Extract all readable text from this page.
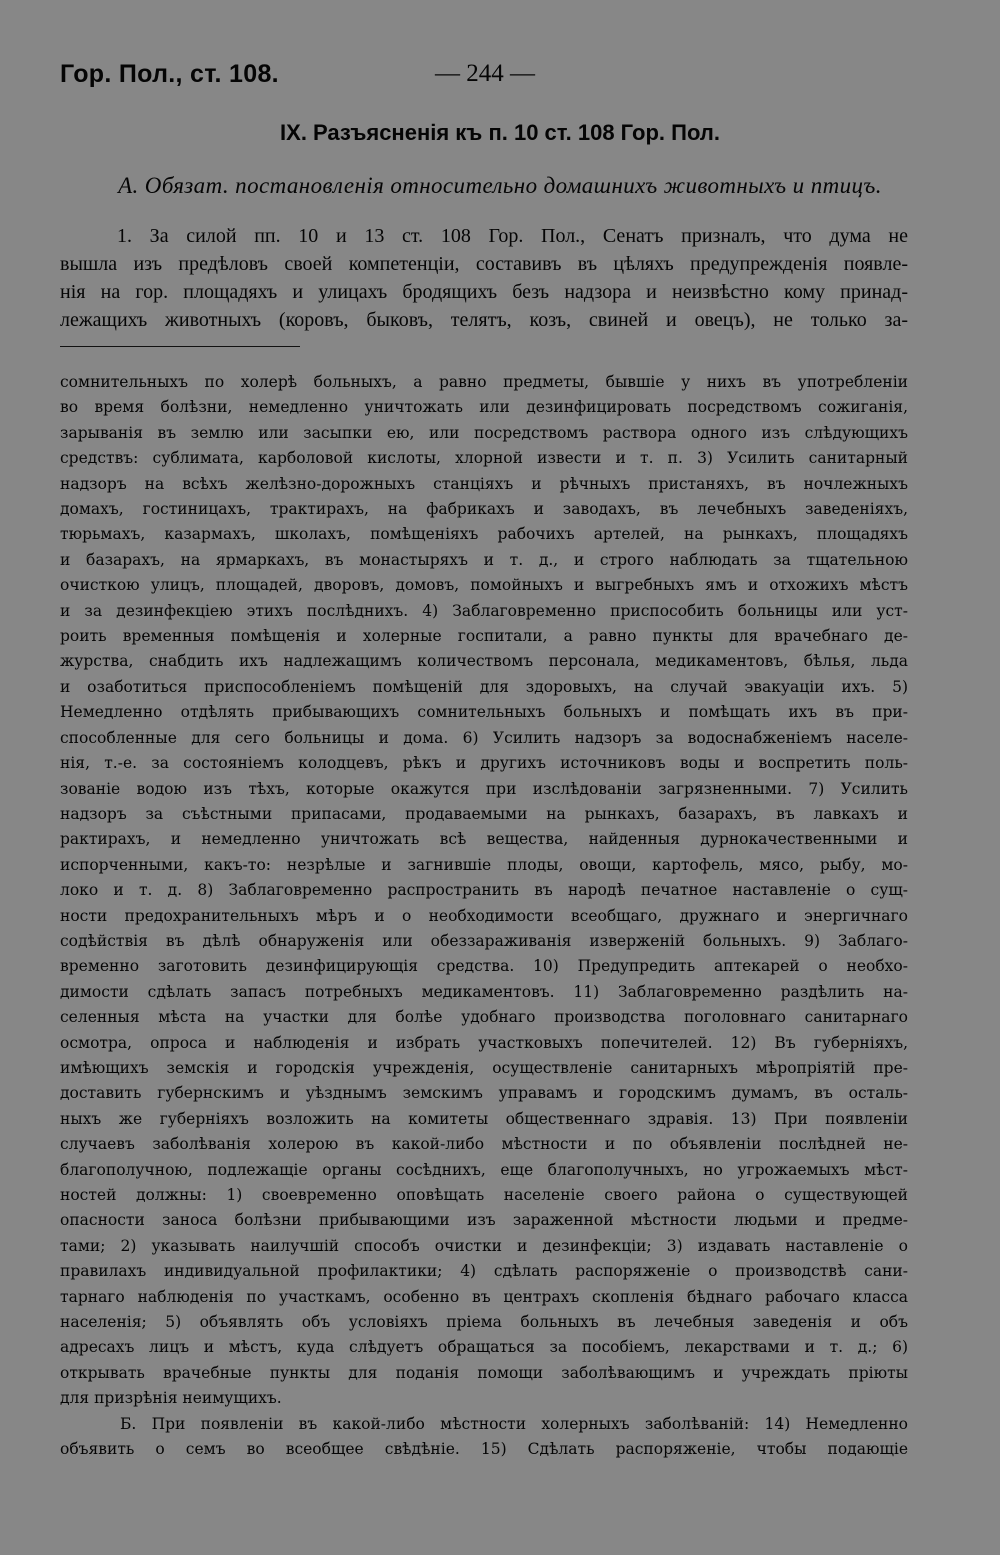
Гор. Пол., ст. 108.	— 244 —
IX. Разъясненія къ п. 10 ст. 108 Гор. Пол.
А. Обязат. постановленія относительно домашнихъ животныхъ и птицъ.
1. За силой пп. 10 и 13 ст. 108 Гор. Пол., Сенатъ призналъ, что дума не
вышла изъ предѣловъ своей компетенціи, составивъ въ цѣляхъ предупрежденія появле-
нія на гор. площадяхъ и улицахъ бродящихъ безъ надзора и неизвѣстно кому принад-
лежащихъ животныхъ (коровъ, быковъ, телятъ, козъ, свиней и овецъ), не только за-
сомнительныхъ по холерѣ больныхъ, а равно предметы, бывшіе у нихъ въ употребленіи
во время болѣзни, немедленно уничтожать или дезинфицировать посредствомъ сожиганія,
зарыванія въ землю или засыпки ею, или посредствомъ раствора одного изъ слѣдующихъ
средствъ: сублимата, карболовой кислоты, хлорной извести и т. п. 3) Усилить санитарный
надзоръ на всѣхъ желѣзно-дорожныхъ станціяхъ и рѣчныхъ пристаняхъ, въ ночлежныхъ
домахъ, гостиницахъ, трактирахъ, на фабрикахъ и заводахъ, въ лечебныхъ заведеніяхъ,
тюрьмахъ, казармахъ, школахъ, помѣщеніяхъ рабочихъ артелей, на рынкахъ, площадяхъ
и базарахъ, на ярмаркахъ, въ монастыряхъ и т. д., и строго наблюдать за тщательною
очисткою улицъ, площадей, дворовъ, домовъ, помойныхъ и выгребныхъ ямъ и отхожихъ мѣстъ
и за дезинфекціею этихъ послѣднихъ. 4) Заблаговременно приспособить больницы или уст-
роить временныя помѣщенія и холерные госпитали, а равно пункты для врачебнаго де-
журства, снабдить ихъ надлежащимъ количествомъ персонала, медикаментовъ, бѣлья, льда
и озаботиться приспособленіемъ помѣщеній для здоровыхъ, на случай эвакуаціи ихъ. 5)
Немедленно отдѣлять прибывающихъ сомнительныхъ больныхъ и помѣщать ихъ въ при-
способленные для сего больницы и дома. 6) Усилить надзоръ за водоснабженіемъ населе-
нія, т.-е. за состояніемъ колодцевъ, рѣкъ и другихъ источниковъ воды и воспретить поль-
зованіе водою изъ тѣхъ, которые окажутся при изслѣдованіи загрязненными. 7) Усилить
надзоръ за съѣстными припасами, продаваемыми на рынкахъ, базарахъ, въ лавкахъ и
рактирахъ, и немедленно уничтожать всѣ вещества, найденныя дурнокачественными и
испорченными, какъ-то: незрѣлые и загнившіе плоды, овощи, картофель, мясо, рыбу, мо-
локо и т. д. 8) Заблаговременно распространить въ народѣ печатное наставленіе о сущ-
ности предохранительныхъ мѣръ и о необходимости всеобщаго, дружнаго и энергичнаго
содѣйствія въ дѣлѣ обнаруженія или обеззараживанія изверженій больныхъ. 9) Заблаго-
временно заготовить дезинфицирующія средства. 10) Предупредить аптекарей о необхо-
димости сдѣлать запасъ потребныхъ медикаментовъ. 11) Заблаговременно раздѣлить на-
селенныя мѣста на участки для болѣе удобнаго производства поголовнаго санитарнаго
осмотра, опроса и наблюденія и избрать участковыхъ попечителей. 12) Въ губерніяхъ,
имѣющихъ земскія и городскія учрежденія, осуществленіе санитарныхъ мѣропріятій пре-
доставить губернскимъ и уѣзднымъ земскимъ управамъ и городскимъ думамъ, въ осталь-
ныхъ же губерніяхъ возложить на комитеты общественнаго здравія. 13) При появленіи
случаевъ заболѣванія холерою въ какой-либо мѣстности и по объявленіи послѣдней не-
благополучною, подлежащіе органы сосѣднихъ, еще благополучныхъ, но угрожаемыхъ мѣст-
ностей должны: 1) своевременно оповѣщать населеніе своего района о существующей
опасности заноса болѣзни прибывающими изъ зараженной мѣстности людьми и предме-
тами; 2) указывать наилучшій способъ очистки и дезинфекціи; 3) издавать наставленіе о
правилахъ индивидуальной профилактики; 4) сдѣлать распоряженіе о производствѣ сани-
тарнаго наблюденія по участкамъ, особенно въ центрахъ скопленія бѣднаго рабочаго класса
населенія; 5) объявлять объ условіяхъ пріема больныхъ въ лечебныя заведенія и объ
адресахъ лицъ и мѣстъ, куда слѣдуетъ обращаться за пособіемъ, лекарствами и т. д.; 6)
открывать врачебные пункты для поданія помощи заболѣвающимъ и учреждать пріюты
для призрѣнія неимущихъ.
Б. При появленіи въ какой-либо мѣстности холерныхъ заболѣваній: 14) Немедленно
объявить о семъ во всеобщее свѣдѣніе. 15) Сдѣлать распоряженіе, чтобы подающіе
